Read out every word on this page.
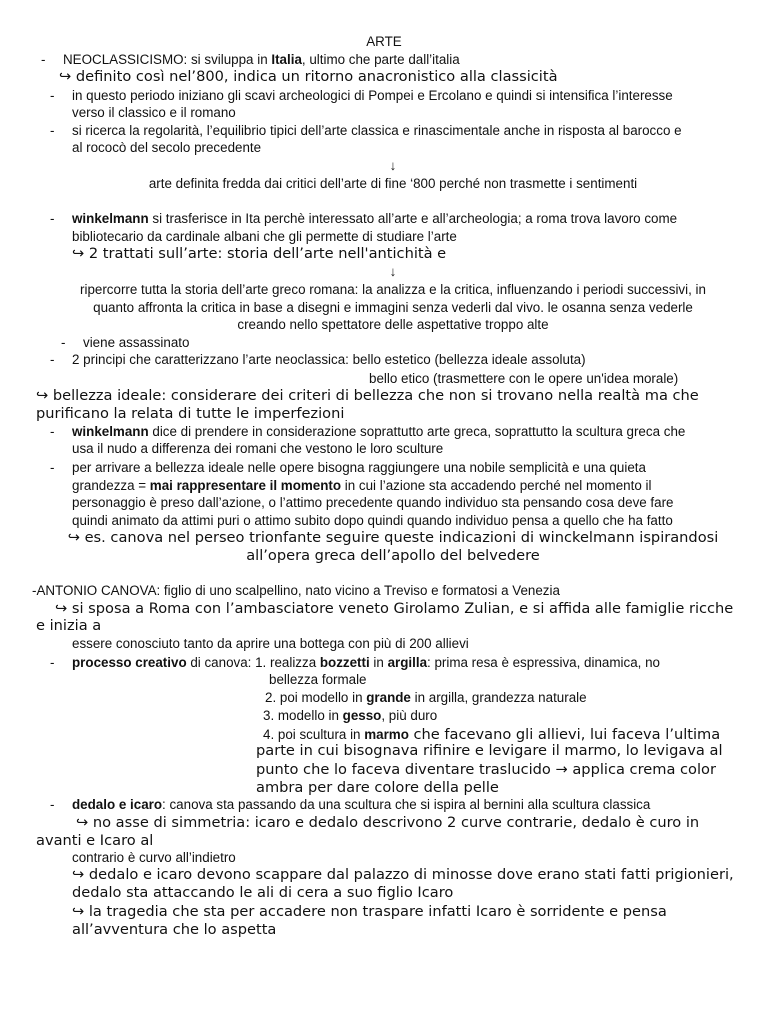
ARTE
- NEOCLASSICISMO: si sviluppa in Italia, ultimo che parte dall’italia
↪ definito così nel’800, indica un ritorno anacronistico alla classicità
- in questo periodo iniziano gli scavi archeologici di Pompei e Ercolano e quindi si intensifica l’interesse
verso il classico e il romano
- si ricerca la regolarità, l’equilibrio tipici dell’arte classica e rinascimentale anche in risposta al barocco e
al rococò del secolo precedente
↓
arte definita fredda dai critici dell’arte di fine ‘800 perché non trasmette i sentimenti
- winkelmann si trasferisce in Ita perchè interessato all’arte e all’archeologia; a roma trova lavoro come
bibliotecario da cardinale albani che gli permette di studiare l’arte
↪ 2 trattati sull’arte: storia dell’arte nell'antichità e
↓
ripercorre tutta la storia dell’arte greco romana: la analizza e la critica, influenzando i periodi successivi, in
quanto affronta la critica in base a disegni e immagini senza vederli dal vivo. le osanna senza vederle
creando nello spettatore delle aspettative troppo alte
- viene assassinato
- 2 principi che caratterizzano l’arte neoclassica: bello estetico (bellezza ideale assoluta)
bello etico (trasmettere con le opere un'idea morale)
↪ bellezza ideale: considerare dei criteri di bellezza che non si trovano nella realtà ma che
purificano la relata di tutte le imperfezioni
- winkelmann dice di prendere in considerazione soprattutto arte greca, soprattutto la scultura greca che
usa il nudo a differenza dei romani che vestono le loro sculture
- per arrivare a bellezza ideale nelle opere bisogna raggiungere una nobile semplicità e una quieta
grandezza = mai rappresentare il momento in cui l’azione sta accadendo perché nel momento il
personaggio è preso dall’azione, o l’attimo precedente quando individuo sta pensando cosa deve fare
quindi animato da attimi puri o attimo subito dopo quindi quando individuo pensa a quello che ha fatto
↪ es. canova nel perseo trionfante seguire queste indicazioni di winckelmann ispirandosi
all’opera greca dell’apollo del belvedere
-ANTONIO CANOVA: figlio di uno scalpellino, nato vicino a Treviso e formatosi a Venezia
↪ si sposa a Roma con l’ambasciatore veneto Girolamo Zulian, e si affida alle famiglie ricche
e inizia a
essere conosciuto tanto da aprire una bottega con più di 200 allievi
- processo creativo di canova: 1. realizza bozzetti in argilla: prima resa è espressiva, dinamica, no
bellezza formale
2. poi modello in grande in argilla, grandezza naturale
3. modello in gesso, più duro
4. poi scultura in marmo che facevano gli allievi, lui faceva l’ultima
parte in cui bisognava rifinire e levigare il marmo, lo levigava al
punto che lo faceva diventare traslucido → applica crema color
ambra per dare colore della pelle
- dedalo e icaro: canova sta passando da una scultura che si ispira al bernini alla scultura classica
↪ no asse di simmetria: icaro e dedalo descrivono 2 curve contrarie, dedalo è curo in
avanti e Icaro al
contrario è curvo all’indietro
↪ dedalo e icaro devono scappare dal palazzo di minosse dove erano stati fatti prigionieri,
dedalo sta attaccando le ali di cera a suo figlio Icaro
↪ la tragedia che sta per accadere non traspare infatti Icaro è sorridente e pensa
all’avventura che lo aspetta
